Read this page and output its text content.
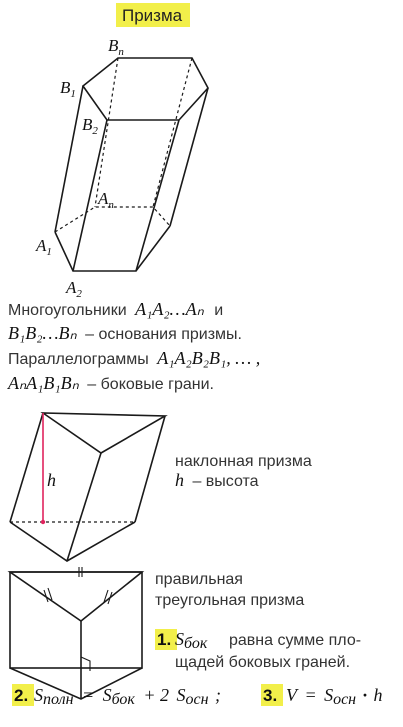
Призма
$B_n$
$B_1$
$B_2$
$A_n$
$A_1$
$A_2$
Многоугольники A₁A₂…Aₙ и
B₁B₂…Bₙ – основания призмы.
Параллелограммы A₁A₂B₂B₁, … ,
AₙA₁B₁Bₙ – боковые грани.
h
наклонная призма
h – высота
правильная
треугольная призма
1. Sбок равна сумме пло-
щадей боковых граней.
2. Sполн = Sбок + 2 Sосн ; 3. V = Sосн · h
